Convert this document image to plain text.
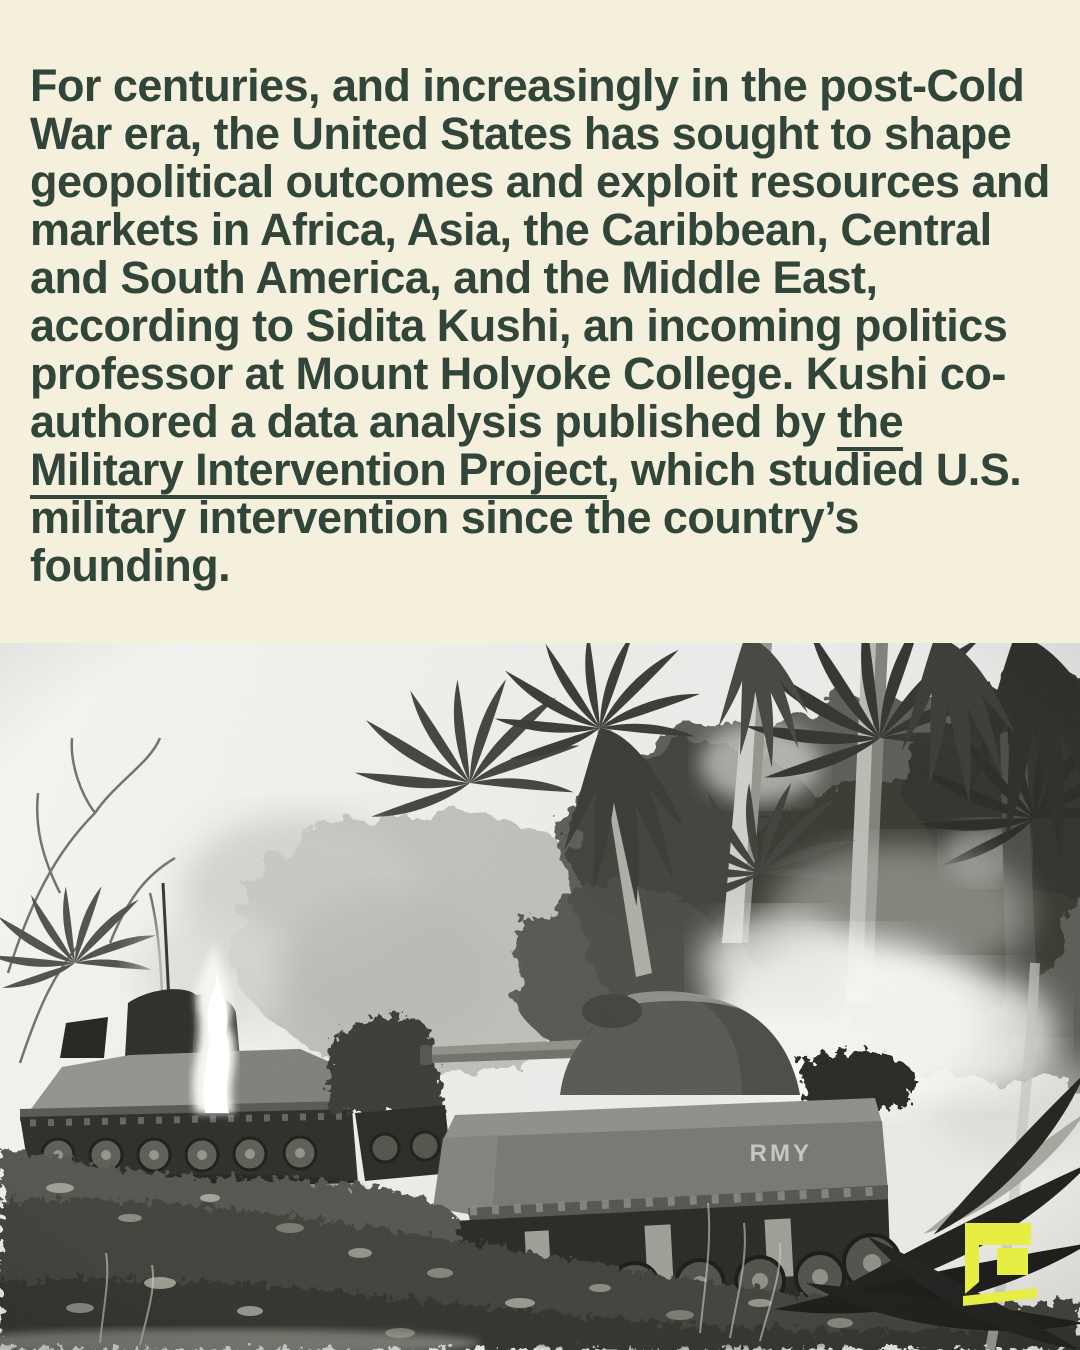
For centuries, and increasingly in the post-Cold
War era, the United States has sought to shape
geopolitical outcomes and exploit resources and
markets in Africa, Asia, the Caribbean, Central
and South America, and the Middle East,
according to Sidita Kushi, an incoming politics
professor at Mount Holyoke College. Kushi co-
authored a data analysis published by the
Military Intervention Project, which studied U.S.
military intervention since the country’s
founding.
